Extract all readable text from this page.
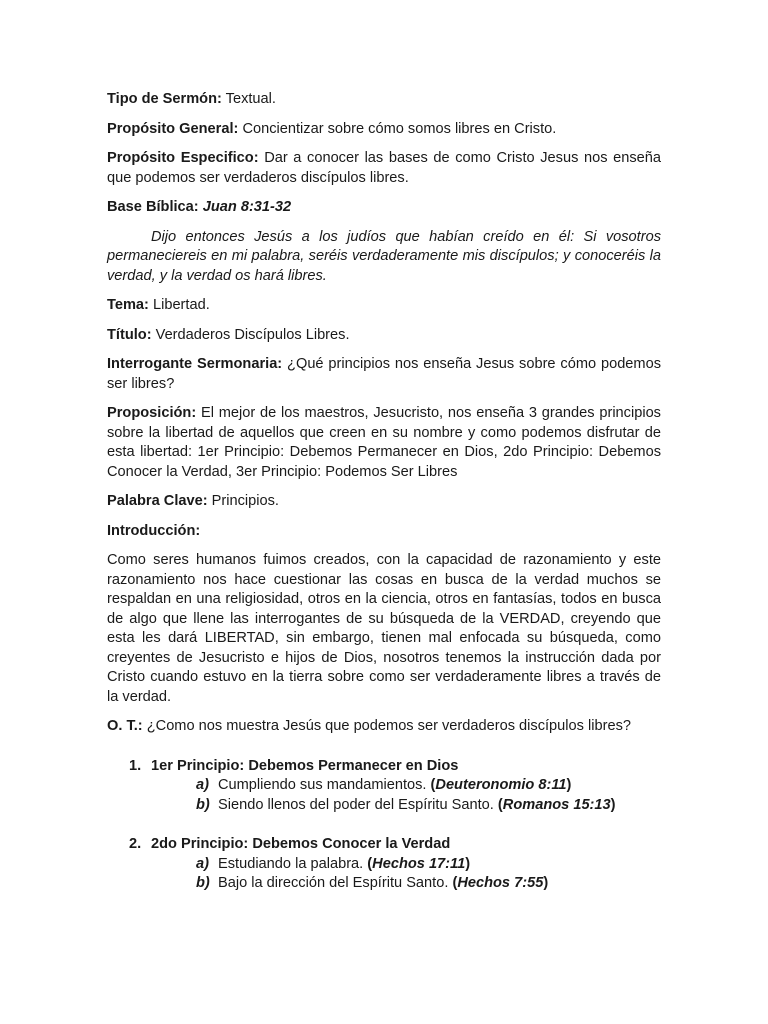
Tipo de Sermón: Textual.

Propósito General: Concientizar sobre cómo somos libres en Cristo.

Propósito Especifico: Dar a conocer las bases de como Cristo Jesus nos enseña que podemos ser verdaderos discípulos libres.

Base Bíblica: Juan 8:31-32

Dijo entonces Jesús a los judíos que habían creído en él: Si vosotros permaneciereis en mi palabra, seréis verdaderamente mis discípulos; y conoceréis la verdad, y la verdad os hará libres.

Tema: Libertad.

Título: Verdaderos Discípulos Libres.

Interrogante Sermonaria: ¿Qué principios nos enseña Jesus sobre cómo podemos ser libres?

Proposición: El mejor de los maestros, Jesucristo, nos enseña 3 grandes principios sobre la libertad de aquellos que creen en su nombre y como podemos disfrutar de esta libertad: 1er Principio: Debemos Permanecer en Dios, 2do Principio: Debemos Conocer la Verdad, 3er Principio: Podemos Ser Libres

Palabra Clave: Principios.

Introducción:

Como seres humanos fuimos creados, con la capacidad de razonamiento y este razonamiento nos hace cuestionar las cosas en busca de la verdad muchos se respaldan en una religiosidad, otros en la ciencia, otros en fantasías, todos en busca de algo que llene las interrogantes de su búsqueda de la VERDAD, creyendo que esta les dará LIBERTAD, sin embargo, tienen mal enfocada su búsqueda, como creyentes de Jesucristo e hijos de Dios, nosotros tenemos la instrucción dada por Cristo cuando estuvo en la tierra sobre como ser verdaderamente libres a través de la verdad.

O. T.: ¿Como nos muestra Jesús que podemos ser verdaderos discípulos libres?

1. 1er Principio: Debemos Permanecer en Dios
a) Cumpliendo sus mandamientos. (Deuteronomio 8:11)
b) Siendo llenos del poder del Espíritu Santo. (Romanos 15:13)
2. 2do Principio: Debemos Conocer la Verdad
a) Estudiando la palabra. (Hechos 17:11)
b) Bajo la dirección del Espíritu Santo. (Hechos 7:55)
